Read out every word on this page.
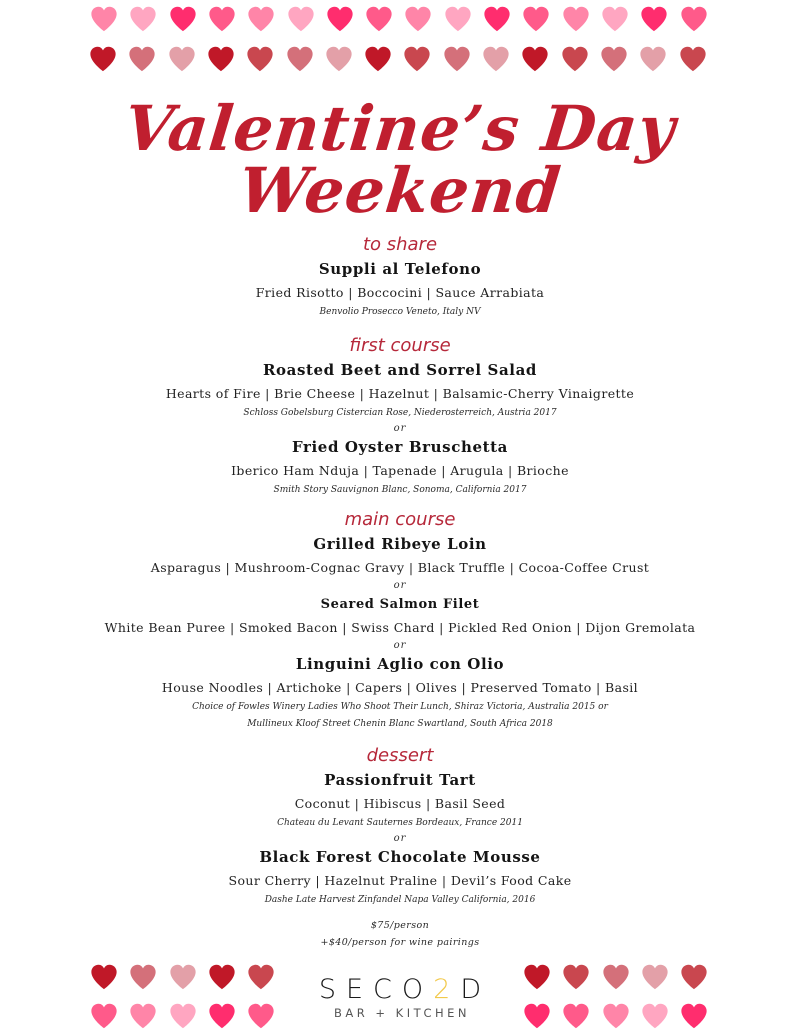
Valentine’s Day
Weekend
to share
Suppli al Telefono
Fried Risotto | Boccocini | Sauce Arrabiata
Benvolio Prosecco Veneto, Italy NV
first course
Roasted Beet and Sorrel Salad
Hearts of Fire | Brie Cheese | Hazelnut | Balsamic-Cherry Vinaigrette
Schloss Gobelsburg Cistercian Rose, Niederosterreich, Austria 2017
or
Fried Oyster Bruschetta
Iberico Ham Nduja | Tapenade | Arugula | Brioche
Smith Story Sauvignon Blanc, Sonoma, California 2017
main course
Grilled Ribeye Loin
Asparagus | Mushroom-Cognac Gravy | Black Truffle | Cocoa-Coffee Crust
or
Seared Salmon Filet
White Bean Puree | Smoked Bacon | Swiss Chard | Pickled Red Onion | Dijon Gremolata
or
Linguini Aglio con Olio
House Noodles | Artichoke | Capers | Olives | Preserved Tomato | Basil
Choice of Fowles Winery Ladies Who Shoot Their Lunch, Shiraz Victoria, Australia 2015 or
Mullineux Kloof Street Chenin Blanc Swartland, South Africa 2018
dessert
Passionfruit Tart
Coconut | Hibiscus | Basil Seed
Chateau du Levant Sauternes Bordeaux, France 2011
or
Black Forest Chocolate Mousse
Sour Cherry | Hazelnut Praline | Devil’s Food Cake
Dashe Late Harvest Zinfandel Napa Valley California, 2016
$75/person
+$40/person for wine pairings
SECO2D
BAR + KITCHEN
